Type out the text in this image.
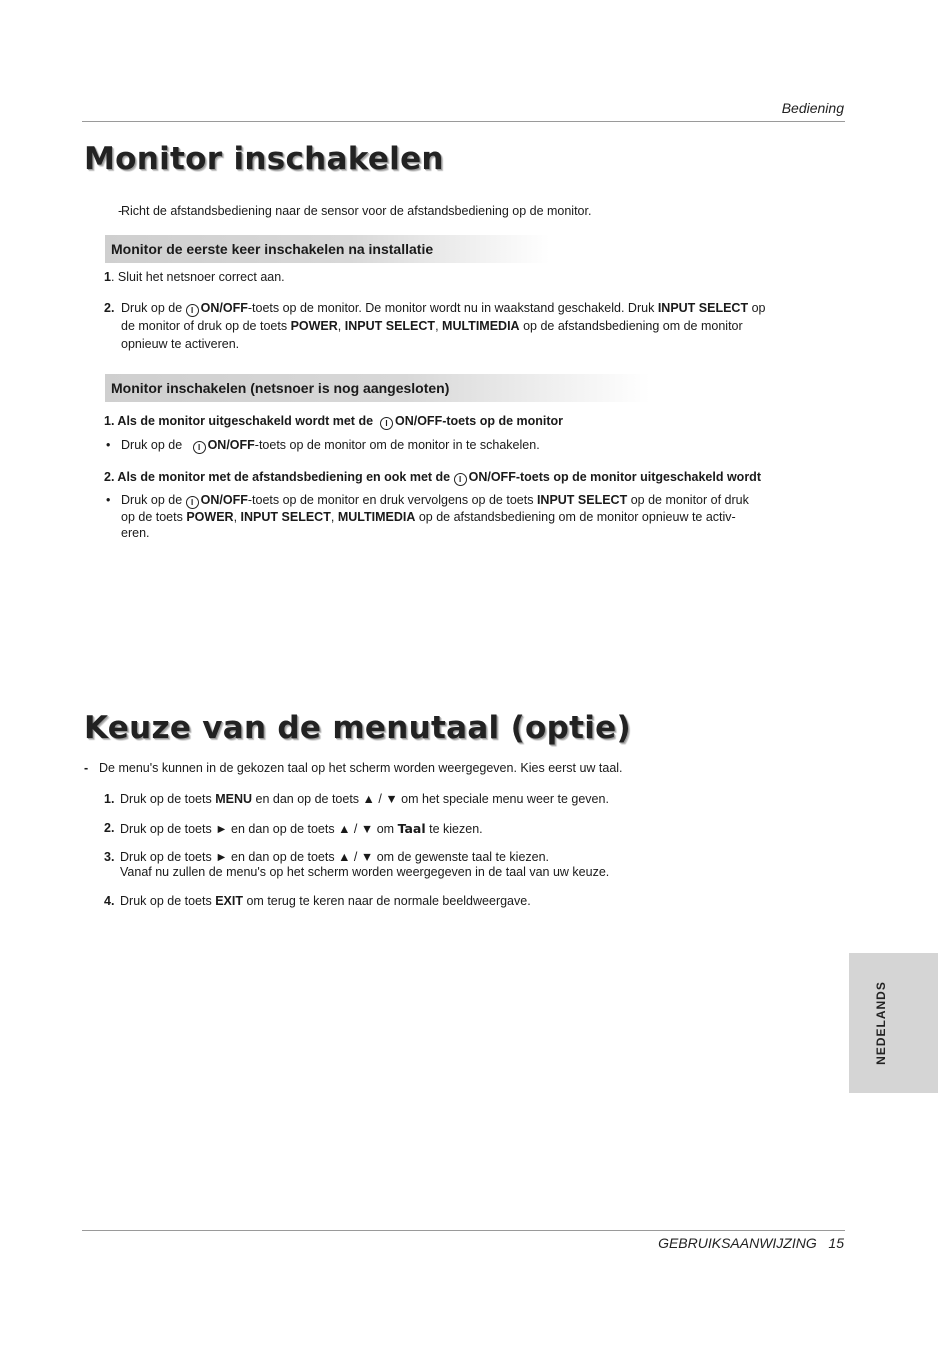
Bediening
Monitor inschakelen
-
Richt de afstandsbediening naar de sensor voor de afstandsbediening op de monitor.
Monitor de eerste keer inschakelen na installatie
1. Sluit het netsnoer correct aan.
2. Druk op de I ON/OFF-toets op de monitor. De monitor wordt nu in waakstand geschakeld. Druk INPUT SELECT op
de monitor of druk op de toets POWER, INPUT SELECT, MULTIMEDIA op de afstandsbediening om de monitor
opnieuw te activeren.
Monitor inschakelen (netsnoer is nog aangesloten)
1. Als de monitor uitgeschakeld wordt met de I ON/OFF-toets op de monitor
• Druk op de I ON/OFF-toets op de monitor om de monitor in te schakelen.
2. Als de monitor met de afstandsbediening en ook met de I ON/OFF-toets op de monitor uitgeschakeld wordt
• Druk op de I ON/OFF-toets op de monitor en druk vervolgens op de toets INPUT SELECT op de monitor of druk
op de toets POWER, INPUT SELECT, MULTIMEDIA op de afstandsbediening om de monitor opnieuw te activ-
eren.
Keuze van de menutaal (optie)
- De menu's kunnen in de gekozen taal op het scherm worden weergegeven. Kies eerst uw taal.
1. Druk op de toets MENU en dan op de toets ▲ / ▼ om het speciale menu weer te geven.
2. Druk op de toets ► en dan op de toets ▲ / ▼ om Taal te kiezen.
3. Druk op de toets ► en dan op de toets ▲ / ▼ om de gewenste taal te kiezen.
Vanaf nu zullen de menu's op het scherm worden weergegeven in de taal van uw keuze.
4. Druk op de toets EXIT om terug te keren naar de normale beeldweergave.
NEDELANDS
GEBRUIKSAANWIJZING 15
